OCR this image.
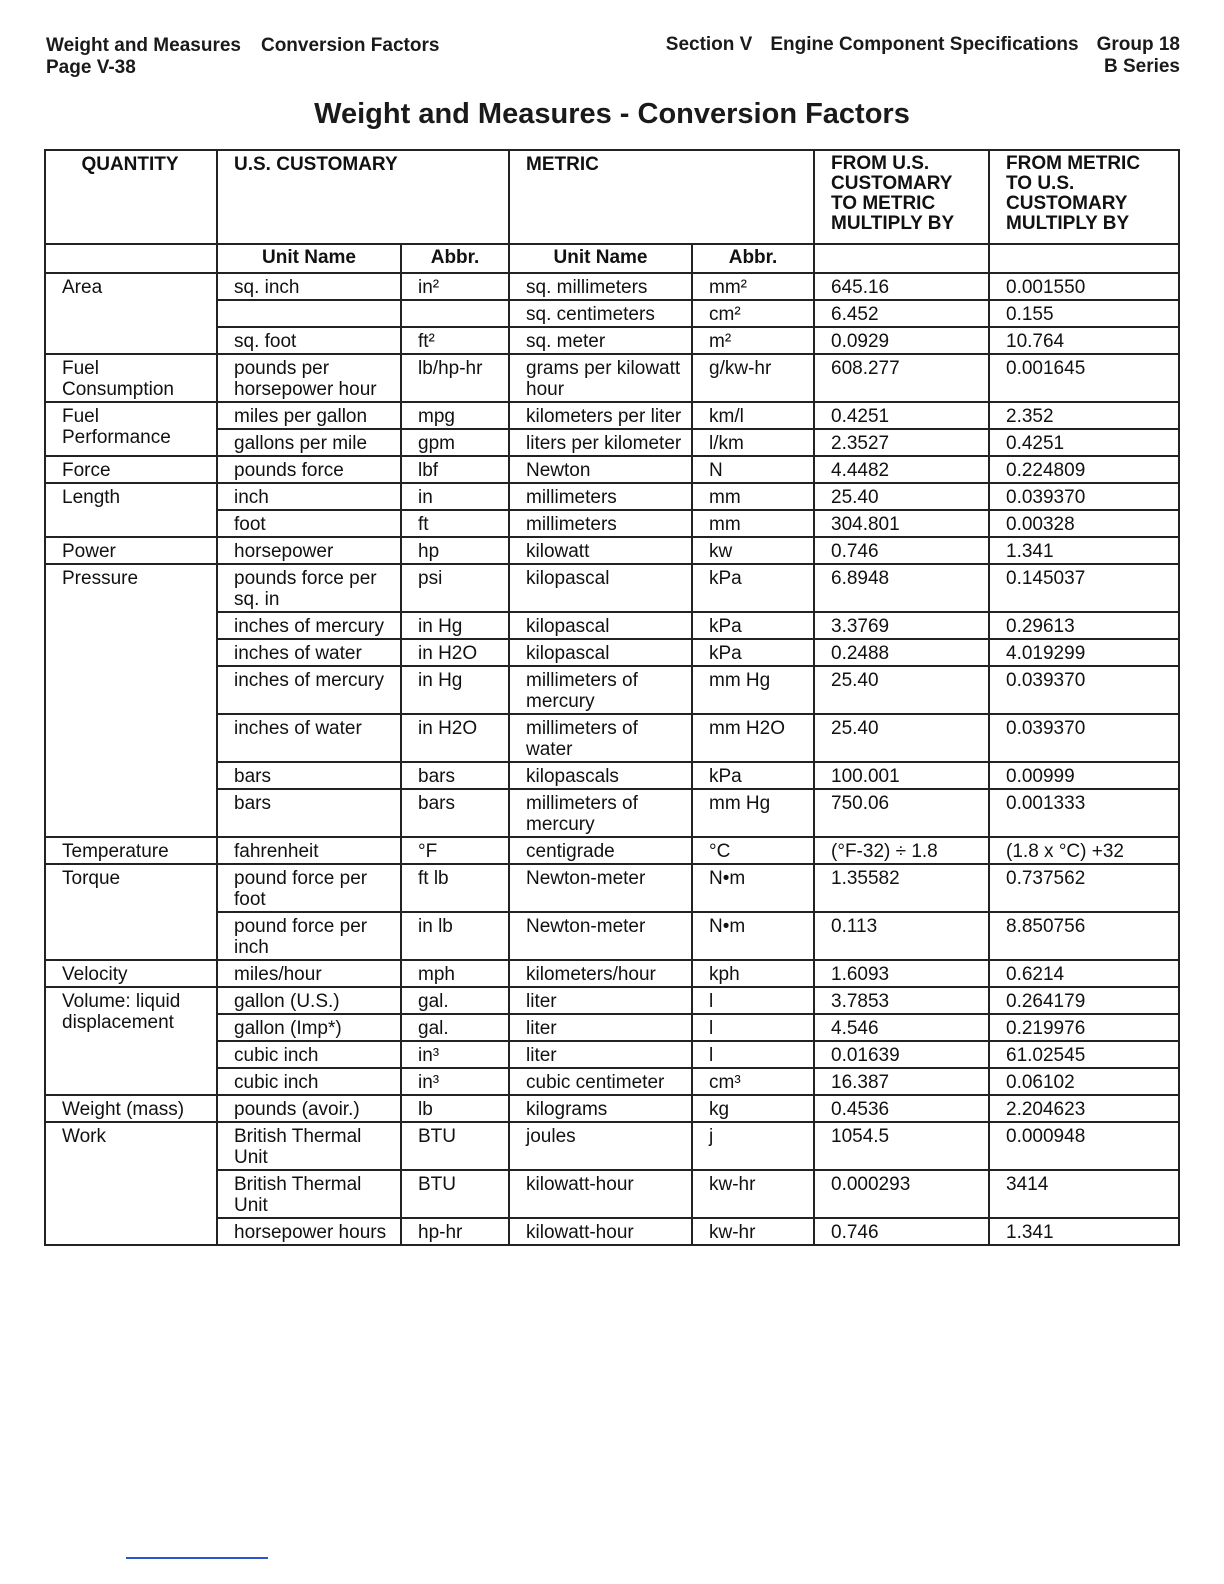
Weight and Measures Conversion Factors
Page V-38
Section V Engine Component Specifications Group 18
B Series
Weight and Measures - Conversion Factors
QUANTITY	U.S. CUSTOMARY		METRIC		FROM U.S. CUSTOMARY TO METRIC MULTIPLY BY	FROM METRIC TO U.S. CUSTOMARY MULTIPLY BY
	Unit Name	Abbr.	Unit Name	Abbr.		
Area	sq. inch	in²	sq. millimeters	mm²	645.16	0.001550
			sq. centimeters	cm²	6.452	0.155
	sq. foot	ft²	sq. meter	m²	0.0929	10.764
Fuel Consumption	pounds per horsepower hour	lb/hp-hr	grams per kilowatt hour	g/kw-hr	608.277	0.001645
Fuel Performance	miles per gallon	mpg	kilometers per liter	km/l	0.4251	2.352
	gallons per mile	gpm	liters per kilometer	l/km	2.3527	0.4251
Force	pounds force	lbf	Newton	N	4.4482	0.224809
Length	inch	in	millimeters	mm	25.40	0.039370
	foot	ft	millimeters	mm	304.801	0.00328
Power	horsepower	hp	kilowatt	kw	0.746	1.341
Pressure	pounds force per sq. in	psi	kilopascal	kPa	6.8948	0.145037
	inches of mercury	in Hg	kilopascal	kPa	3.3769	0.29613
	inches of water	in H2O	kilopascal	kPa	0.2488	4.019299
	inches of mercury	in Hg	millimeters of mercury	mm Hg	25.40	0.039370
	inches of water	in H2O	millimeters of water	mm H2O	25.40	0.039370
	bars	bars	kilopascals	kPa	100.001	0.00999
	bars	bars	millimeters of mercury	mm Hg	750.06	0.001333
Temperature	fahrenheit	°F	centigrade	°C	(°F-32) ÷ 1.8	(1.8 x °C) +32
Torque	pound force per foot	ft lb	Newton-meter	N•m	1.35582	0.737562
	pound force per inch	in lb	Newton-meter	N•m	0.113	8.850756
Velocity	miles/hour	mph	kilometers/hour	kph	1.6093	0.6214
Volume: liquid displacement	gallon (U.S.)	gal.	liter	l	3.7853	0.264179
	gallon (Imp*)	gal.	liter	l	4.546	0.219976
	cubic inch	in³	liter	l	0.01639	61.02545
	cubic inch	in³	cubic centimeter	cm³	16.387	0.06102
Weight (mass)	pounds (avoir.)	lb	kilograms	kg	0.4536	2.204623
Work	British Thermal Unit	BTU	joules	j	1054.5	0.000948
	British Thermal Unit	BTU	kilowatt-hour	kw-hr	0.000293	3414
	horsepower hours	hp-hr	kilowatt-hour	kw-hr	0.746	1.341
